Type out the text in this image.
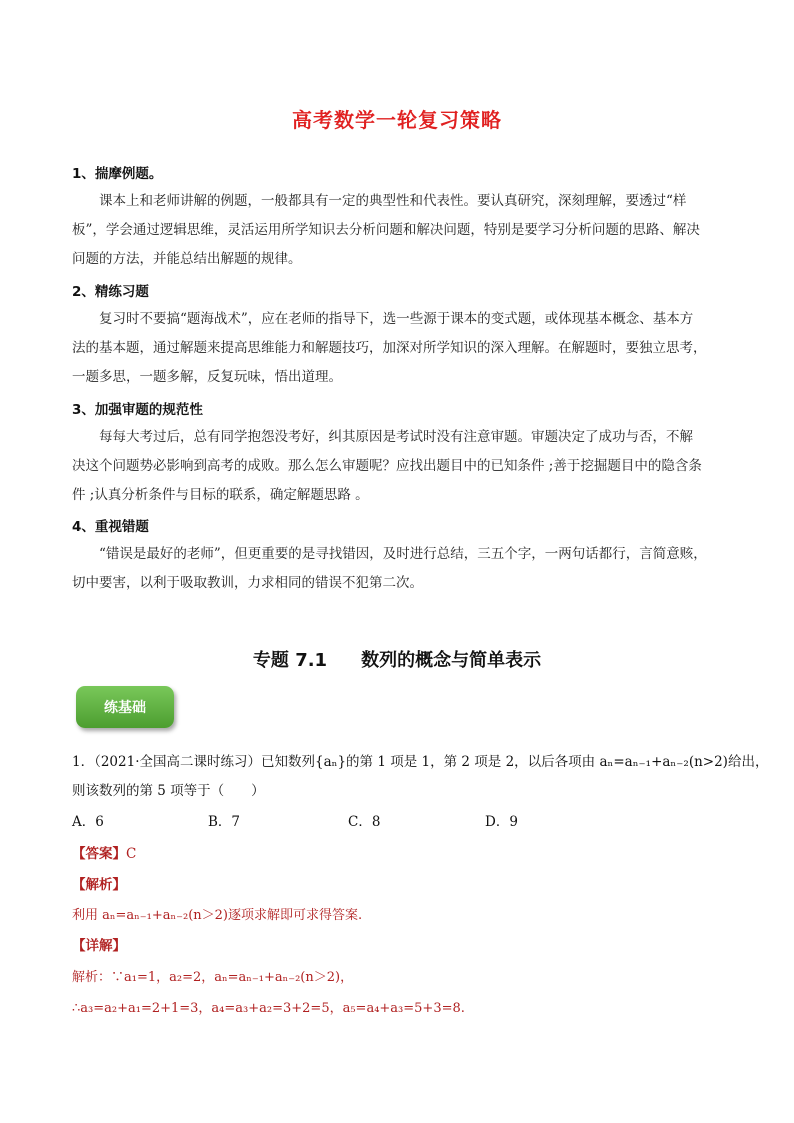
高考数学一轮复习策略
1、揣摩例题。
课本上和老师讲解的例题，一般都具有一定的典型性和代表性。要认真研究，深刻理解，要透过“样
板”，学会通过逻辑思维，灵活运用所学知识去分析问题和解决问题，特别是要学习分析问题的思路、解决
问题的方法，并能总结出解题的规律。
2、精练习题
复习时不要搞“题海战术”，应在老师的指导下，选一些源于课本的变式题，或体现基本概念、基本方
法的基本题，通过解题来提高思维能力和解题技巧，加深对所学知识的深入理解。在解题时，要独立思考，
一题多思，一题多解，反复玩味，悟出道理。
3、加强审题的规范性
每每大考过后，总有同学抱怨没考好，纠其原因是考试时没有注意审题。审题决定了成功与否，不解
决这个问题势必影响到高考的成败。那么怎么审题呢？应找出题目中的已知条件 ;善于挖掘题目中的隐含条
件 ;认真分析条件与目标的联系，确定解题思路 。
4、重视错题
“错误是最好的老师”，但更重要的是寻找错因，及时进行总结，三五个字，一两句话都行，言简意赅，
切中要害，以利于吸取教训，力求相同的错误不犯第二次。
专题 7.1 数列的概念与简单表示
练基础
1．（2021·全国高二课时练习）已知数列{aₙ}的第 1 项是 1，第 2 项是 2，以后各项由 aₙ=aₙ₋₁+aₙ₋₂(n>2)给出，
则该数列的第 5 项等于（　　）
A．6	B．7	C．8	D．9
【答案】C
【解析】
利用 aₙ=aₙ₋₁+aₙ₋₂(n＞2)逐项求解即可求得答案.
【详解】
解析：∵a₁=1，a₂=2，aₙ=aₙ₋₁+aₙ₋₂(n＞2)，
∴a₃=a₂+a₁=2+1=3，a₄=a₃+a₂=3+2=5，a₅=a₄+a₃=5+3=8.
